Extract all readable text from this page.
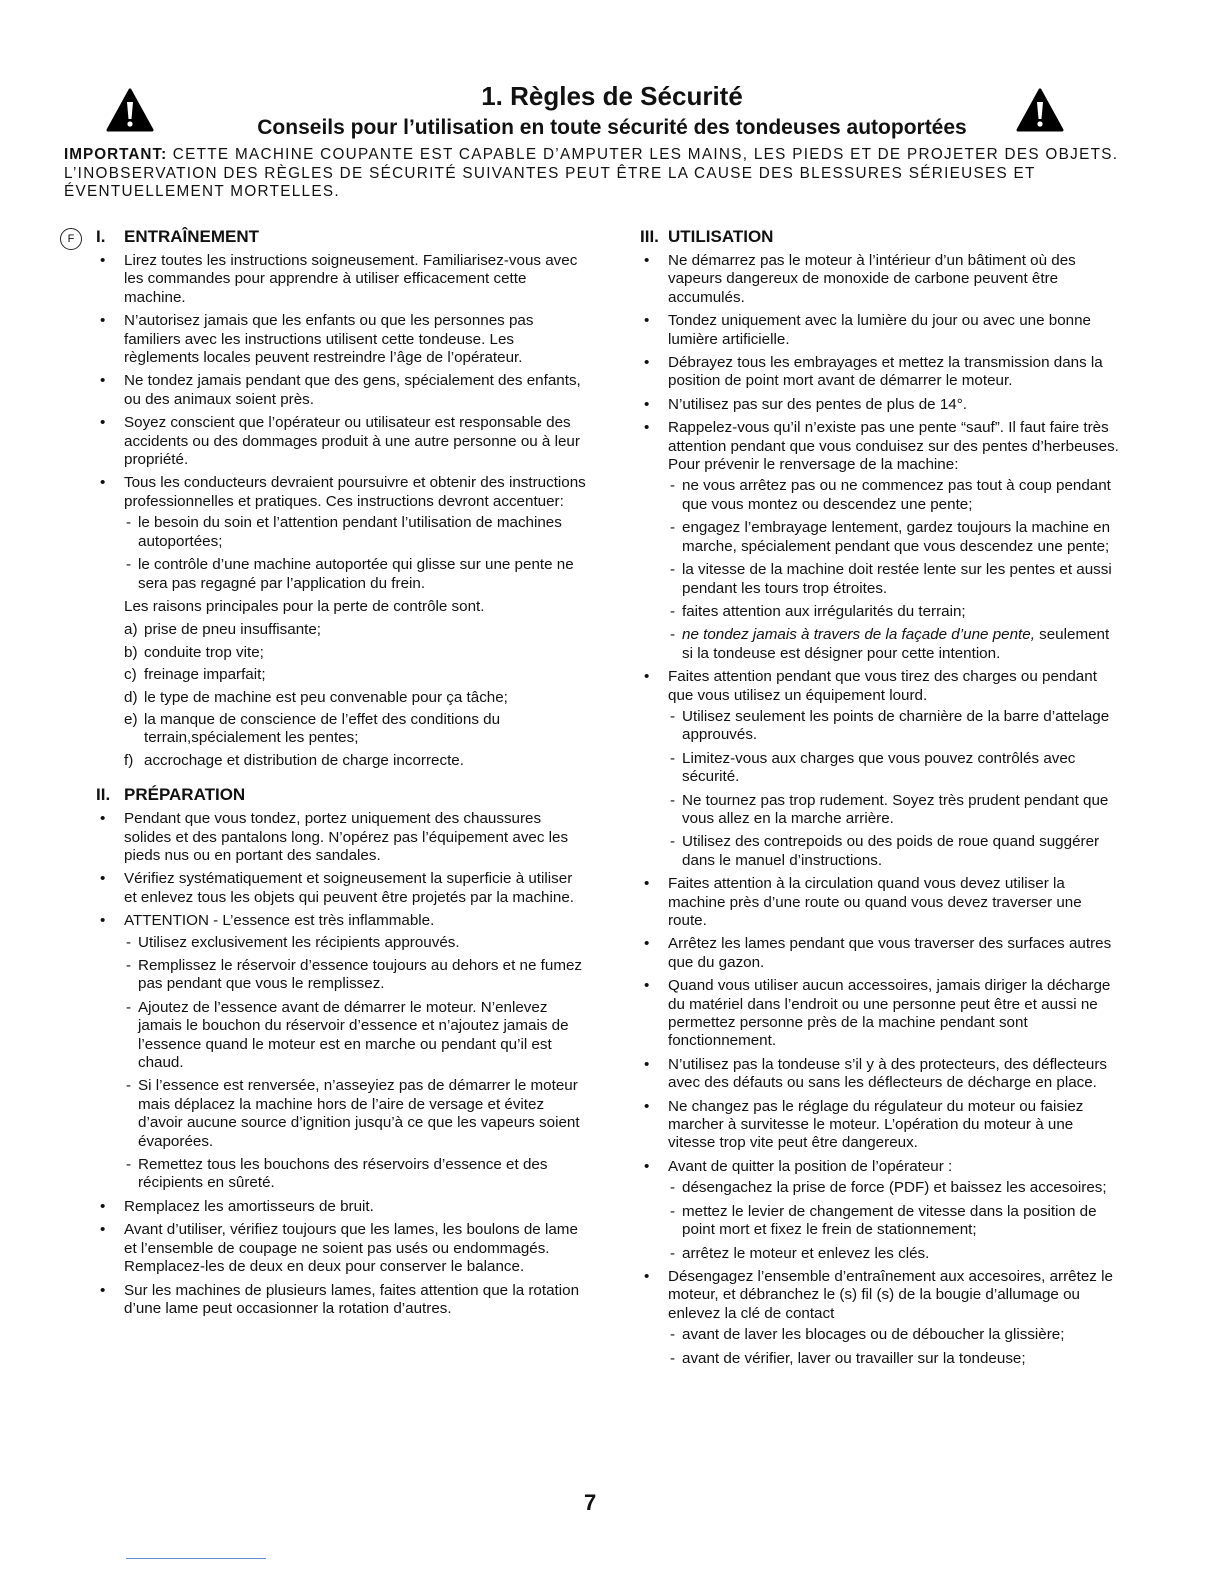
1. Règles de Sécurité
Conseils pour l’utilisation en toute sécurité des tondeuses autoportées
IMPORTANT: CETTE MACHINE COUPANTE EST CAPABLE D’AMPUTER LES MAINS, LES PIEDS ET DE PROJETER DES OBJETS. L’INOBSERVATION DES RÈGLES DE SÉCURITÉ SUIVANTES PEUT ÊTRE LA CAUSE DES BLESSURES SÉRIEUSES ET ÉVENTUELLEMENT MORTELLES.
F	I. ENTRAÎNEMENT
• Lirez toutes les instructions soigneusement. Familiarisez-vous avec les commandes pour apprendre à utiliser efficacement cette machine.
• N’autorisez jamais que les enfants ou que les personnes pas familiers avec les instructions utilisent cette tondeuse. Les règlements locales peuvent restreindre l’âge de l’opérateur.
• Ne tondez jamais pendant que des gens, spécialement des enfants, ou des animaux soient près.
• Soyez conscient que l’opérateur ou utilisateur est responsable des accidents ou des dommages produit à une autre personne ou à leur propriété.
• Tous les conducteurs devraient poursuivre et obtenir des instructions professionnelles et pratiques. Ces instructions devront accentuer:
- le besoin du soin et l’attention pendant l’utilisation de machines autoportées;
- le contrôle d’une machine autoportée qui glisse sur une pente ne sera pas regagné par l’application du frein.
Les raisons principales pour la perte de contrôle sont.
a) prise de pneu insuffisante;
b) conduite trop vite;
c) freinage imparfait;
d) le type de machine est peu convenable pour ça tâche;
e) la manque de conscience de l’effet des conditions du terrain,spécialement les pentes;
f) accrochage et distribution de charge incorrecte.
II. PRÉPARATION
• Pendant que vous tondez, portez uniquement des chaussures solides et des pantalons long. N’opérez pas l’équipement avec les pieds nus ou en portant des sandales.
• Vérifiez systématiquement et soigneusement la superficie à utiliser et enlevez tous les objets qui peuvent être projetés par la machine.
• ATTENTION - L’essence est très inflammable.
- Utilisez exclusivement les récipients approuvés.
- Remplissez le réservoir d’essence toujours au dehors et ne fumez pas pendant que vous le remplissez.
- Ajoutez de l’essence avant de démarrer le moteur. N’enlevez jamais le bouchon du réservoir d’essence et n’ajoutez jamais de l’essence quand le moteur est en marche ou pendant qu’il est chaud.
- Si l’essence est renversée, n’asseyiez pas de démarrer le moteur mais déplacez la machine hors de l’aire de versage et évitez d’avoir aucune source d’ignition jusqu’à ce que les vapeurs soient évaporées.
- Remettez tous les bouchons des réservoirs d’essence et des récipients en sûreté.
• Remplacez les amortisseurs de bruit.
• Avant d’utiliser, vérifiez toujours que les lames, les boulons de lame et l’ensemble de coupage ne soient pas usés ou endommagés. Remplacez-les de deux en deux pour conserver le balance.
• Sur les machines de plusieurs lames, faites attention que la rotation d’une lame peut occasionner la rotation d’autres.
III. UTILISATION
• Ne démarrez pas le moteur à l’intérieur d’un bâtiment où des vapeurs dangereux de monoxide de carbone peuvent être accumulés.
• Tondez uniquement avec la lumière du jour ou avec une bonne lumière artificielle.
• Débrayez tous les embrayages et mettez la transmission dans la position de point mort avant de démarrer le moteur.
• N’utilisez pas sur des pentes de plus de 14°.
• Rappelez-vous qu’il n’existe pas une pente “sauf”. Il faut faire très attention pendant que vous conduisez sur des pentes d’herbeuses. Pour prévenir le renversage de la machine:
- ne vous arrêtez pas ou ne commencez pas tout à coup pendant que vous montez ou descendez une pente;
- engagez l’embrayage lentement, gardez toujours la machine en marche, spécialement pendant que vous descendez une pente;
- la vitesse de la machine doit restée lente sur les pentes et aussi pendant les tours trop étroites.
- faites attention aux irrégularités du terrain;
- ne tondez jamais à travers de la façade d’une pente, seulement si la tondeuse est désigner pour cette intention.
• Faites attention pendant que vous tirez des charges ou pendant que vous utilisez un équipement lourd.
- Utilisez seulement les points de charnière de la barre d’attelage approuvés.
- Limitez-vous aux charges que vous pouvez contrôlés avec sécurité.
- Ne tournez pas trop rudement. Soyez très prudent pendant que vous allez en la marche arrière.
- Utilisez des contrepoids ou des poids de roue quand suggérer dans le manuel d’instructions.
• Faites attention à la circulation quand vous devez utiliser la machine près d’une route ou quand vous devez traverser une route.
• Arrêtez les lames pendant que vous traverser des surfaces autres que du gazon.
• Quand vous utiliser aucun accessoires, jamais diriger la décharge du matériel dans l’endroit ou une personne peut être et aussi ne permettez personne près de la machine pendant sont fonctionnement.
• N’utilisez pas la tondeuse s’il y à des protecteurs, des déflecteurs avec des défauts ou sans les déflecteurs de décharge en place.
• Ne changez pas le réglage du régulateur du moteur ou faisiez marcher à survitesse le moteur. L’opération du moteur à une vitesse trop vite peut être dangereux.
• Avant de quitter la position de l’opérateur :
- désengachez la prise de force (PDF) et baissez les accesoires;
- mettez le levier de changement de vitesse dans la position de point mort et fixez le frein de stationnement;
- arrêtez le moteur et enlevez les clés.
• Désengagez l’ensemble d’entraînement aux accesoires, arrêtez le moteur, et débranchez le (s) fil (s) de la bougie d’allumage ou enlevez la clé de contact
- avant de laver les blocages ou de déboucher la glissière;
- avant de vérifier, laver ou travailler sur la tondeuse;
7
